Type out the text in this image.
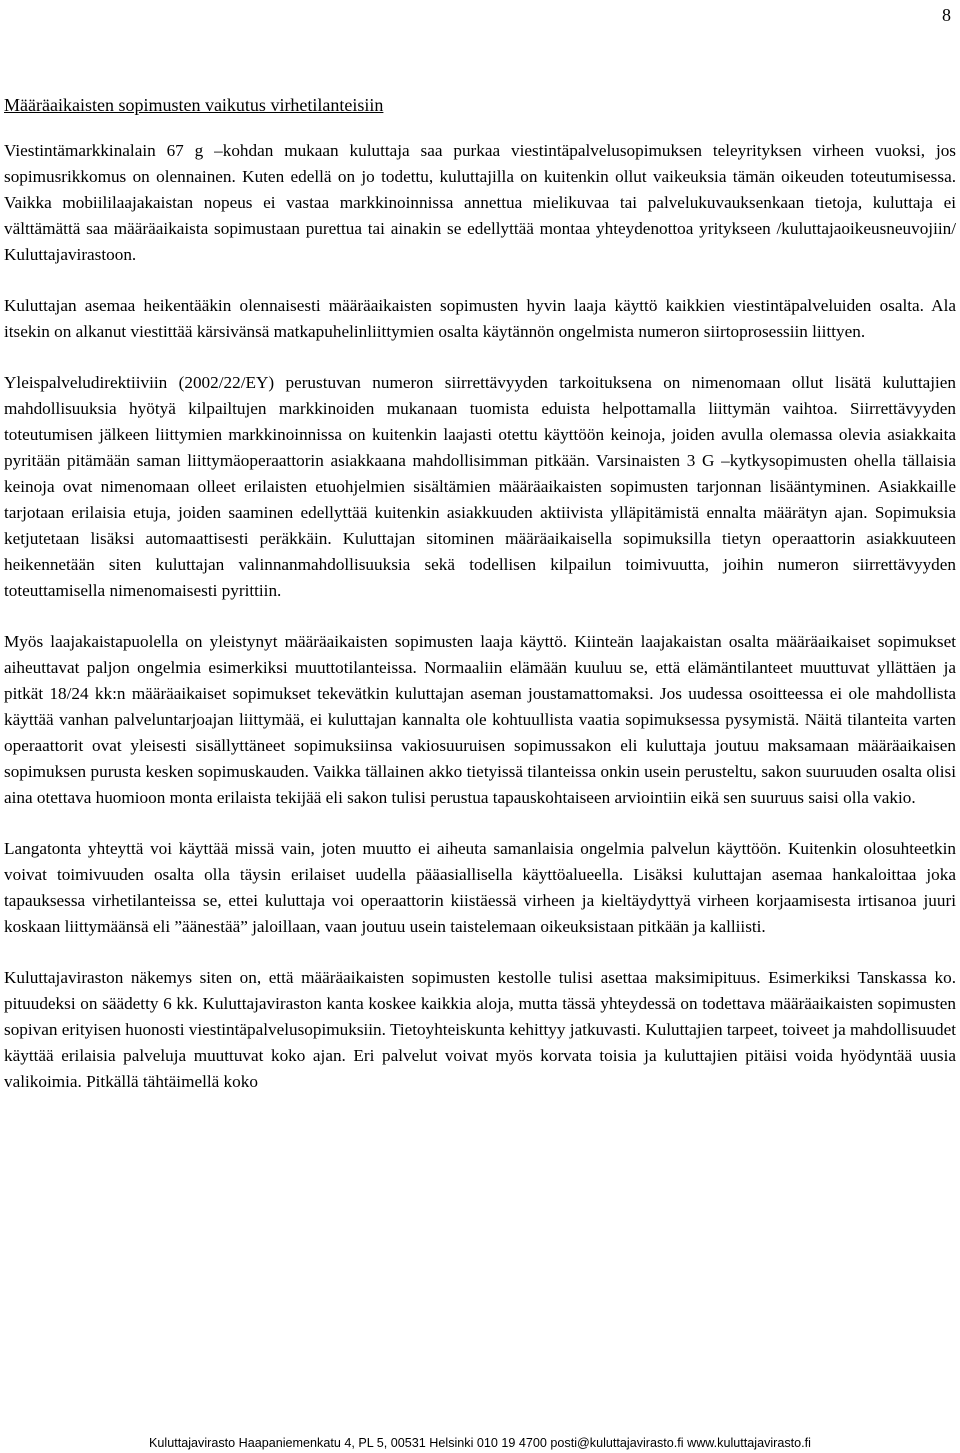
8
Määräaikaisten sopimusten vaikutus virhetilanteisiin

Viestintämarkkinalain 67 g –kohdan mukaan kuluttaja saa purkaa viestintäpalvelusopimuksen teleyrityksen virheen vuoksi, jos sopimusrikkomus on olennainen. Kuten edellä on jo todettu, kuluttajilla on kuitenkin ollut vaikeuksia tämän oikeuden toteutumisessa. Vaikka mobiililaajakaistan nopeus ei vastaa markkinoinnissa annettua mielikuvaa tai palvelukuvauksenkaan tietoja, kuluttaja ei välttämättä saa määräaikaista sopimustaan purettua tai ainakin se edellyttää montaa yhteydenottoa yritykseen /kuluttajaoikeusneuvojiin/ Kuluttajavirastoon.

Kuluttajan asemaa heikentääkin olennaisesti määräaikaisten sopimusten hyvin laaja käyttö kaikkien viestintäpalveluiden osalta. Ala itsekin on alkanut viestittää kärsivänsä matkapuhelinliittymien osalta käytännön ongelmista numeron siirtoprosessiin liittyen.

Yleispalveludirektiiviin (2002/22/EY) perustuvan numeron siirrettävyyden tarkoituksena on nimenomaan ollut lisätä kuluttajien mahdollisuuksia hyötyä kilpailtujen markkinoiden mukanaan tuomista eduista helpottamalla liittymän vaihtoa. Siirrettävyyden toteutumisen jälkeen liittymien markkinoinnissa on kuitenkin laajasti otettu käyttöön keinoja, joiden avulla olemassa olevia asiakkaita pyritään pitämään saman liittymäoperaattorin asiakkaana mahdollisimman pitkään. Varsinaisten 3 G –kytkysopimusten ohella tällaisia keinoja ovat nimenomaan olleet erilaisten etuohjelmien sisältämien määräaikaisten sopimusten tarjonnan lisääntyminen. Asiakkaille tarjotaan erilaisia etuja, joiden saaminen edellyttää kuitenkin asiakkuuden aktiivista ylläpitämistä ennalta määrätyn ajan. Sopimuksia ketjutetaan lisäksi automaattisesti peräkkäin. Kuluttajan sitominen määräaikaisella sopimuksilla tietyn operaattorin asiakkuuteen heikennetään siten kuluttajan valinnanmahdollisuuksia sekä todellisen kilpailun toimivuutta, joihin numeron siirrettävyyden toteuttamisella nimenomaisesti pyrittiin.

Myös laajakaistapuolella on yleistynyt määräaikaisten sopimusten laaja käyttö. Kiinteän laajakaistan osalta määräaikaiset sopimukset aiheuttavat paljon ongelmia esimerkiksi muuttotilanteissa. Normaaliin elämään kuuluu se, että elämäntilanteet muuttuvat yllättäen ja pitkät 18/24 kk:n määräaikaiset sopimukset tekevätkin kuluttajan aseman joustamattomaksi. Jos uudessa osoitteessa ei ole mahdollista käyttää vanhan palveluntarjoajan liittymää, ei kuluttajan kannalta ole kohtuullista vaatia sopimuksessa pysymistä. Näitä tilanteita varten operaattorit ovat yleisesti sisällyttäneet sopimuksiinsa vakiosuuruisen sopimussakon eli kuluttaja joutuu maksamaan määräaikaisen sopimuksen purusta kesken sopimuskauden. Vaikka tällainen akko tietyissä tilanteissa onkin usein perusteltu, sakon suuruuden osalta olisi aina otettava huomioon monta erilaista tekijää eli sakon tulisi perustua tapauskohtaiseen arviointiin eikä sen suuruus saisi olla vakio.

Langatonta yhteyttä voi käyttää missä vain, joten muutto ei aiheuta samanlaisia ongelmia palvelun käyttöön. Kuitenkin olosuhteetkin voivat toimivuuden osalta olla täysin erilaiset uudella pääasiallisella käyttöalueella. Lisäksi kuluttajan asemaa hankaloittaa joka tapauksessa virhetilanteissa se, ettei kuluttaja voi operaattorin kiistäessä virheen ja kieltäydyttyä virheen korjaamisesta irtisanoa juuri koskaan liittymäänsä eli ”äänestää” jaloillaan, vaan joutuu usein taistelemaan oikeuksistaan pitkään ja kalliisti.

Kuluttajaviraston näkemys siten on, että määräaikaisten sopimusten kestolle tulisi asettaa maksimipituus. Esimerkiksi Tanskassa ko. pituudeksi on säädetty 6 kk. Kuluttajaviraston kanta koskee kaikkia aloja, mutta tässä yhteydessä on todettava määräaikaisten sopimusten sopivan erityisen huonosti viestintäpalvelusopimuksiin. Tietoyhteiskunta kehittyy jatkuvasti. Kuluttajien tarpeet, toiveet ja mahdollisuudet käyttää erilaisia palveluja muuttuvat koko ajan. Eri palvelut voivat myös korvata toisia ja kuluttajien pitäisi voida hyödyntää uusia valikoimia. Pitkällä tähtäimellä koko

Kuluttajavirasto Haapaniemenkatu 4, PL 5, 00531 Helsinki 010 19 4700 posti@kuluttajavirasto.fi www.kuluttajavirasto.fi
